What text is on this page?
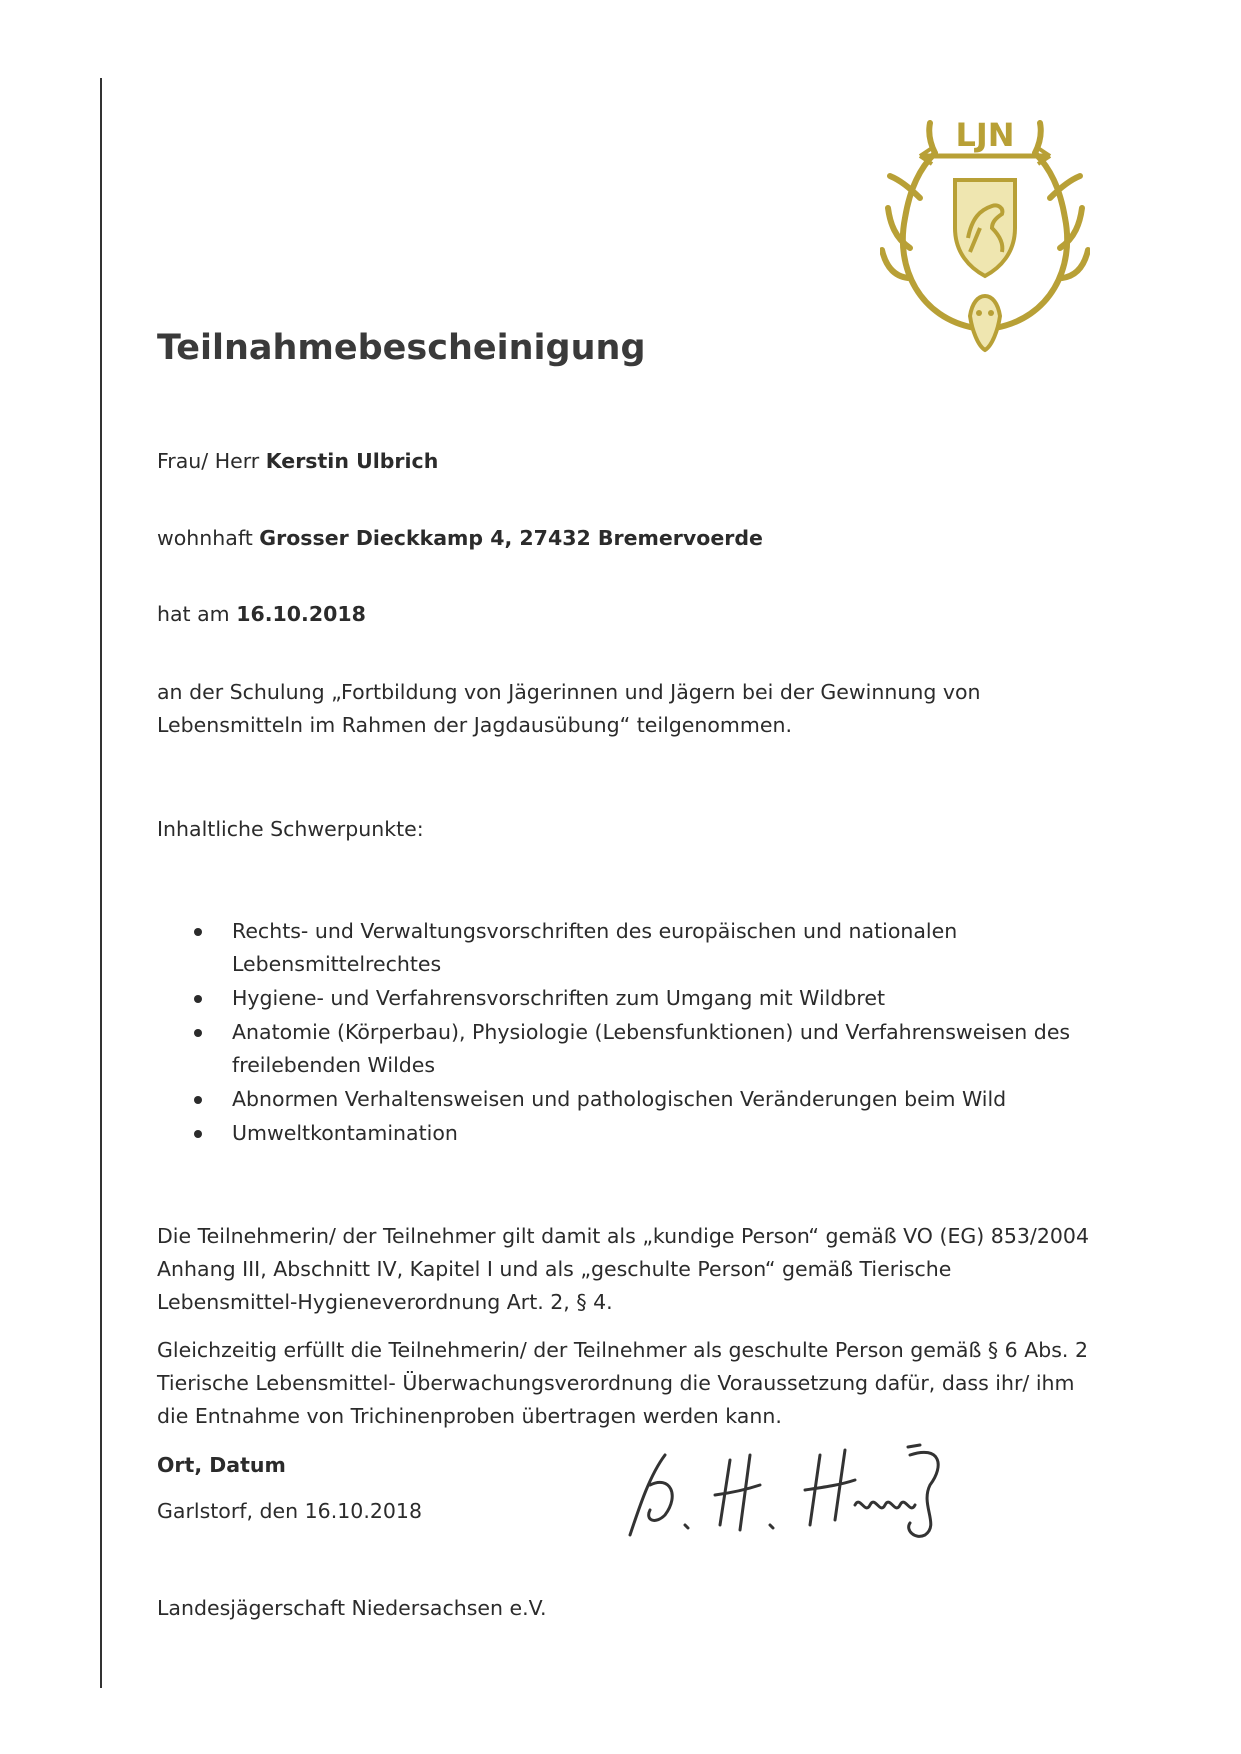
LJN
Teilnahmebescheinigung
Frau/ Herr Kerstin Ulbrich
wohnhaft Grosser Dieckkamp 4, 27432 Bremervoerde
hat am 16.10.2018
an der Schulung „Fortbildung von Jägerinnen und Jägern bei der Gewinnung von Lebensmitteln im Rahmen der Jagdausübung“ teilgenommen.
Inhaltliche Schwerpunkte:
Rechts- und Verwaltungsvorschriften des europäischen und nationalen Lebensmittelrechtes
Hygiene- und Verfahrensvorschriften zum Umgang mit Wildbret
Anatomie (Körperbau), Physiologie (Lebensfunktionen) und Verfahrensweisen des freilebenden Wildes
Abnormen Verhaltensweisen und pathologischen Veränderungen beim Wild
Umweltkontamination
Die Teilnehmerin/ der Teilnehmer gilt damit als „kundige Person“ gemäß VO (EG) 853/2004 Anhang III, Abschnitt IV, Kapitel I und als „geschulte Person“ gemäß Tierische Lebensmittel-Hygieneverordnung Art. 2, § 4.
Gleichzeitig erfüllt die Teilnehmerin/ der Teilnehmer als geschulte Person gemäß § 6 Abs. 2 Tierische Lebensmittel- Überwachungsverordnung die Voraussetzung dafür, dass ihr/ ihm die Entnahme von Trichinenproben übertragen werden kann.
Ort, Datum
Garlstorf, den 16.10.2018
Landesjägerschaft Niedersachsen e.V.
